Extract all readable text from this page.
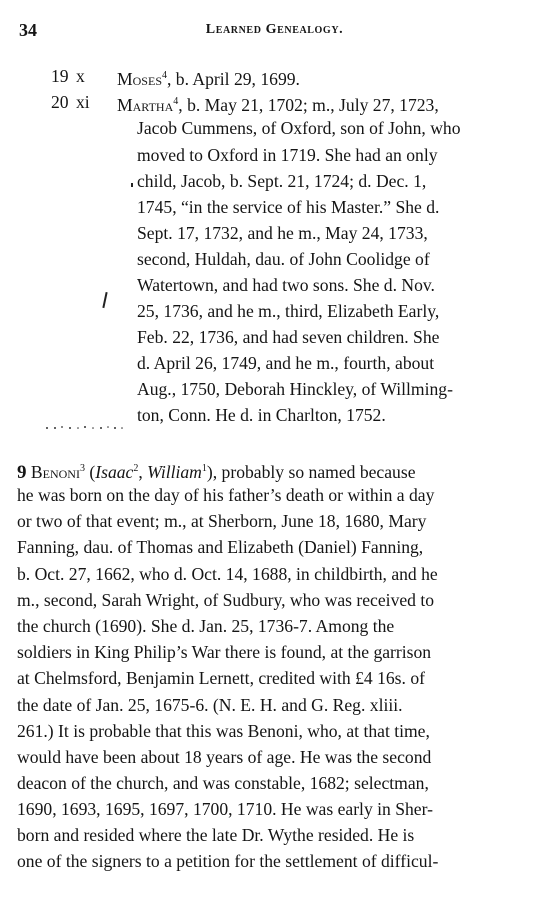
34	Learned Genealogy.
19 x Moses$^4$, b. April 29, 1699.
20 xi Martha$^4$, b. May 21, 1702; m., July 27, 1723,
Jacob Cummens, of Oxford, son of John, who
moved to Oxford in 1719. She had an only
child, Jacob, b. Sept. 21, 1724; d. Dec. 1,
1745, “in the service of his Master.” She d.
Sept. 17, 1732, and he m., May 24, 1733,
second, Huldah, dau. of John Coolidge of
Watertown, and had two sons. She d. Nov.
25, 1736, and he m., third, Elizabeth Early,
Feb. 22, 1736, and had seven children. She
d. April 26, 1749, and he m., fourth, about
Aug., 1750, Deborah Hinckley, of Willming-
ton, Conn. He d. in Charlton, 1752.
9 Benoni$^3$ (Isaac$^2$, William$^1$), probably so named because
he was born on the day of his father’s death or within a day
or two of that event; m., at Sherborn, June 18, 1680, Mary
Fanning, dau. of Thomas and Elizabeth (Daniel) Fanning,
b. Oct. 27, 1662, who d. Oct. 14, 1688, in childbirth, and he
m., second, Sarah Wright, of Sudbury, who was received to
the church (1690). She d. Jan. 25, 1736-7. Among the
soldiers in King Philip’s War there is found, at the garrison
at Chelmsford, Benjamin Lernett, credited with £4 16s. of
the date of Jan. 25, 1675-6. (N. E. H. and G. Reg. xliii.
261.) It is probable that this was Benoni, who, at that time,
would have been about 18 years of age. He was the second
deacon of the church, and was constable, 1682; selectman,
1690, 1693, 1695, 1697, 1700, 1710. He was early in Sher-
born and resided where the late Dr. Wythe resided. He is
one of the signers to a petition for the settlement of difficul-
